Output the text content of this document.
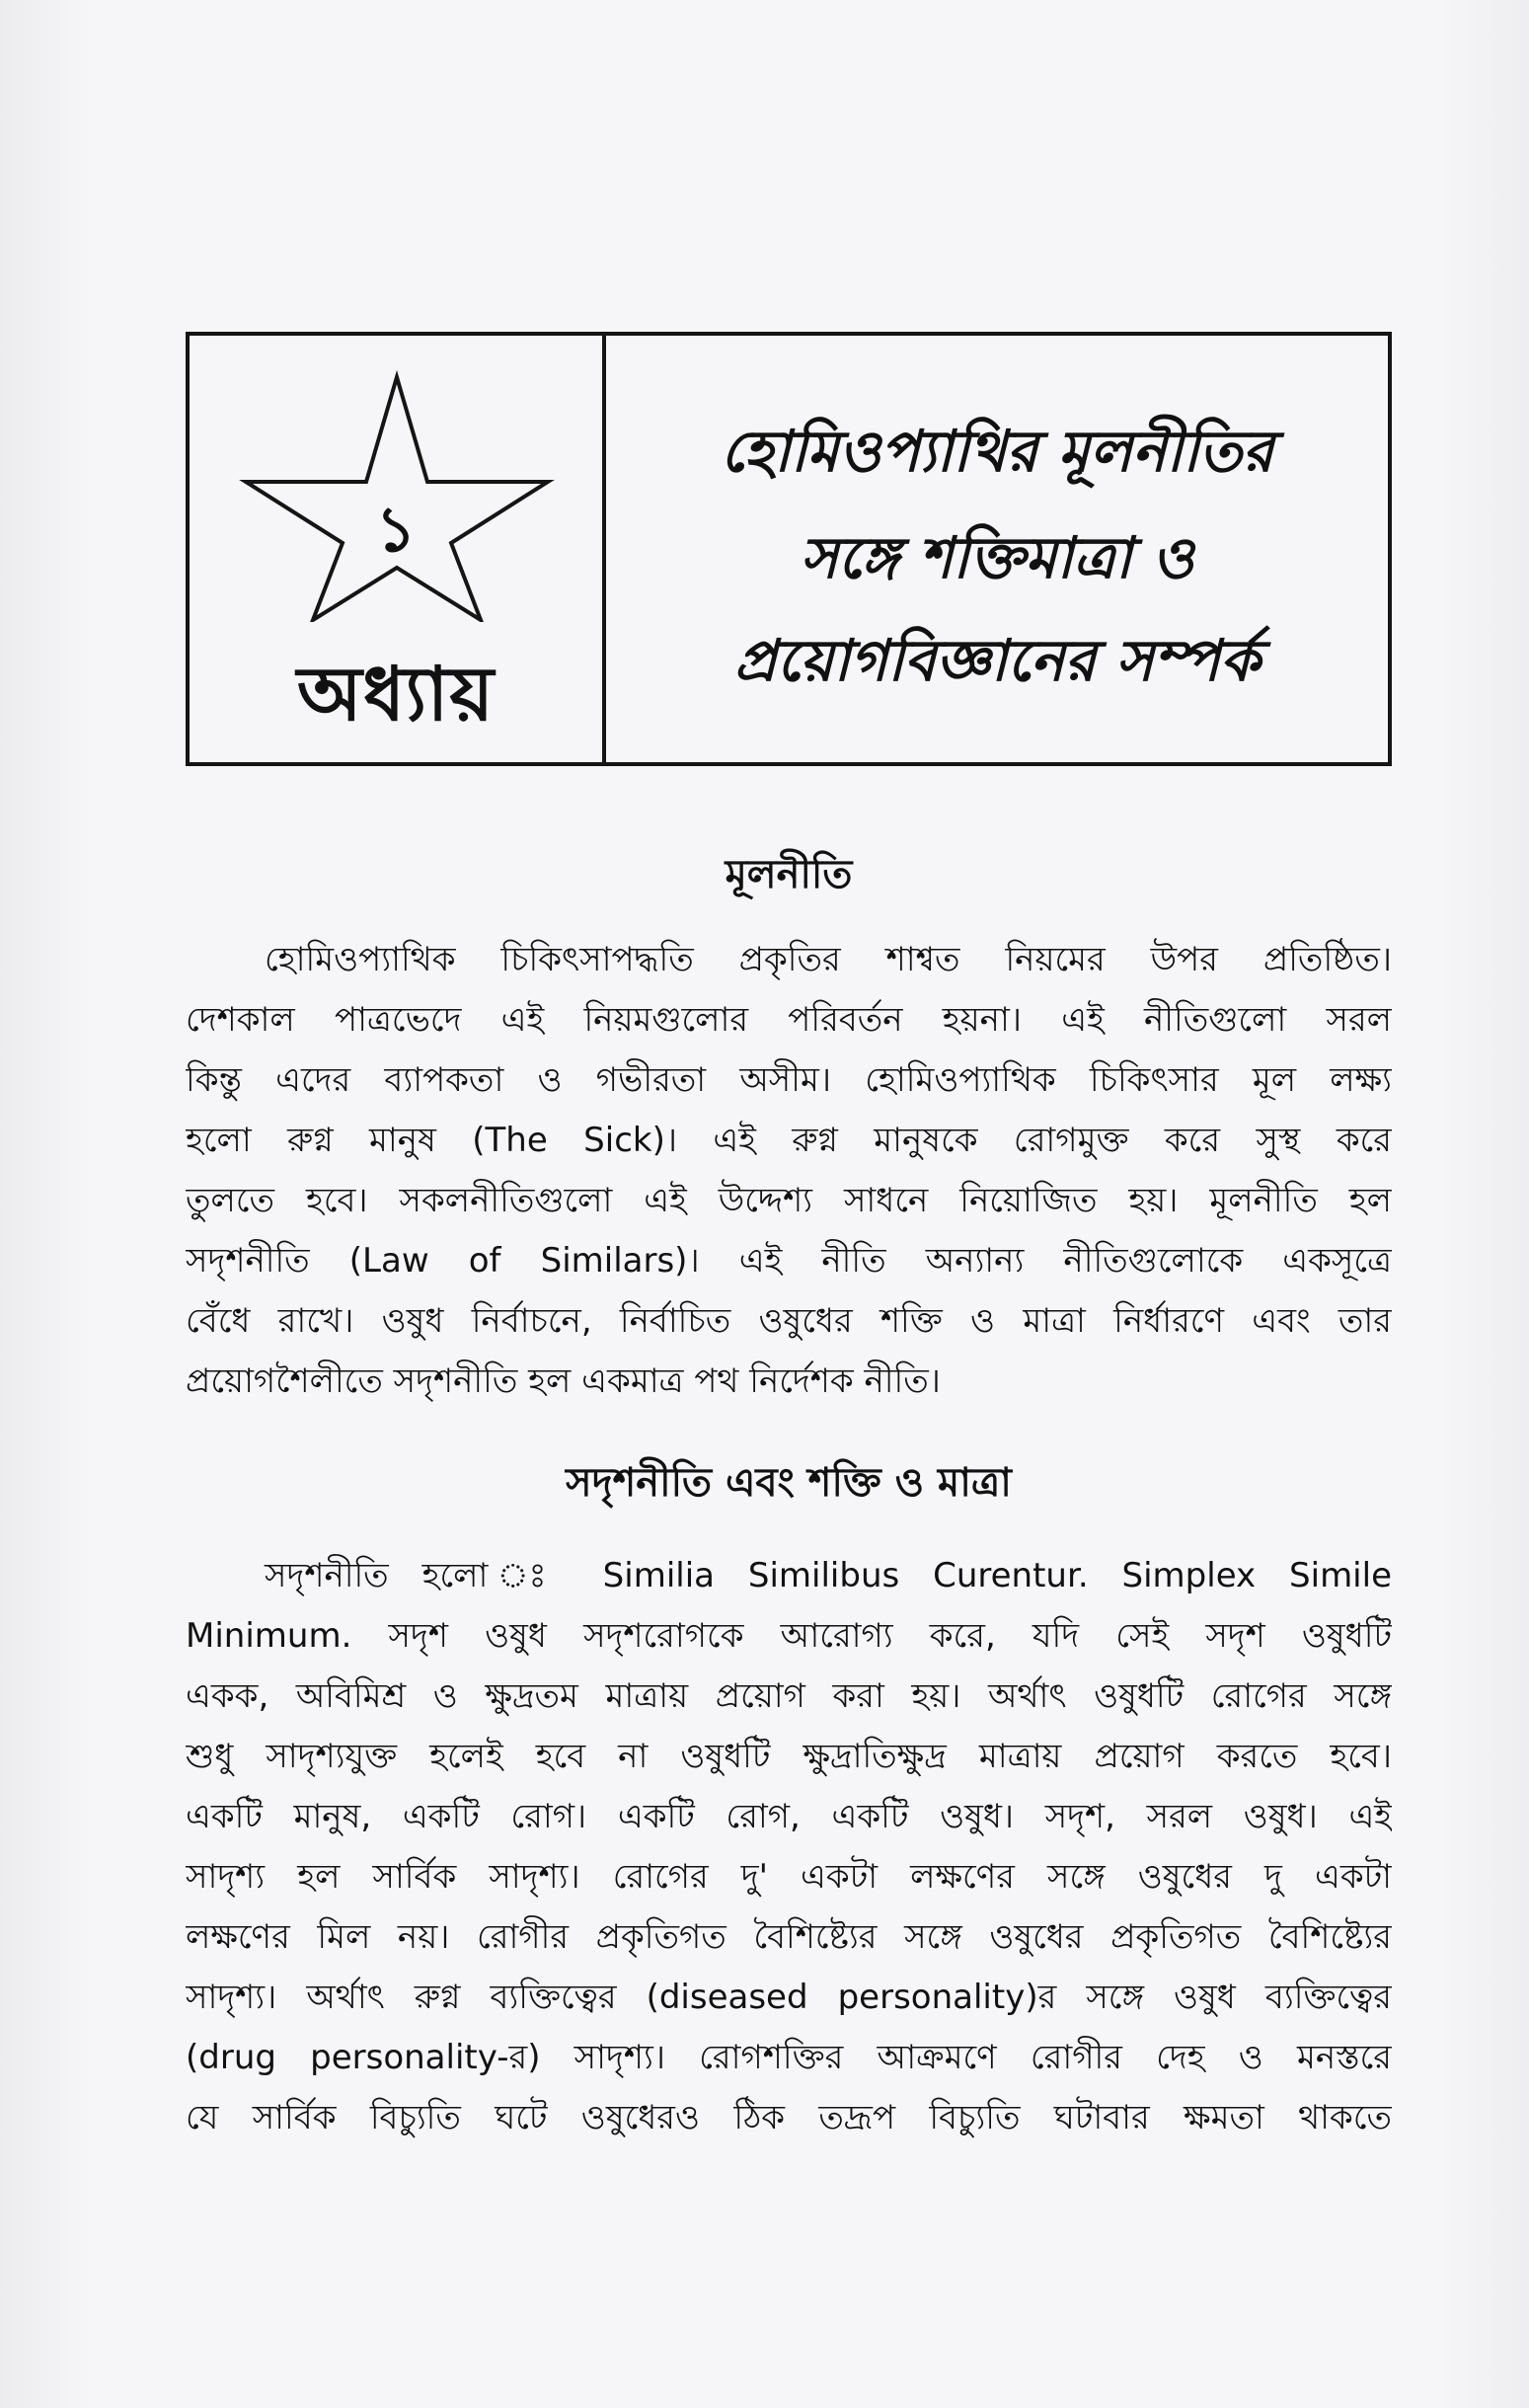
১
অধ্যায়
হোমিওপ্যাথির মূলনীতির
সঙ্গে শক্তিমাত্রা ও
প্রয়োগবিজ্ঞানের সম্পর্ক
মূলনীতি
হোমিওপ্যাথিক চিকিৎসাপদ্ধতি প্রকৃতির শাশ্বত নিয়মের উপর প্রতিষ্ঠিত।
দেশকাল পাত্রভেদে এই নিয়মগুলোর পরিবর্তন হয়না। এই নীতিগুলো সরল
কিন্তু এদের ব্যাপকতা ও গভীরতা অসীম। হোমিওপ্যাথিক চিকিৎসার মূল লক্ষ্য
হলো রুগ্ন মানুষ (The Sick)। এই রুগ্ন মানুষকে রোগমুক্ত করে সুস্থ করে
তুলতে হবে। সকলনীতিগুলো এই উদ্দেশ্য সাধনে নিয়োজিত হয়। মূলনীতি হল
সদৃশনীতি (Law of Similars)। এই নীতি অন্যান্য নীতিগুলোকে একসূত্রে
বেঁধে রাখে। ওষুধ নির্বাচনে, নির্বাচিত ওষুধের শক্তি ও মাত্রা নির্ধারণে এবং তার
প্রয়োগশৈলীতে সদৃশনীতি হল একমাত্র পথ নির্দেশক নীতি।
সদৃশনীতি এবং শক্তি ও মাত্রা
সদৃশনীতি হলো ঃ Similia Similibus Curentur. Simplex Simile
Minimum. সদৃশ ওষুধ সদৃশরোগকে আরোগ্য করে, যদি সেই সদৃশ ওষুধটি
একক, অবিমিশ্র ও ক্ষুদ্রতম মাত্রায় প্রয়োগ করা হয়। অর্থাৎ ওষুধটি রোগের সঙ্গে
শুধু সাদৃশ্যযুক্ত হলেই হবে না ওষুধটি ক্ষুদ্রাতিক্ষুদ্র মাত্রায় প্রয়োগ করতে হবে।
একটি মানুষ, একটি রোগ। একটি রোগ, একটি ওষুধ। সদৃশ, সরল ওষুধ। এই
সাদৃশ্য হল সার্বিক সাদৃশ্য। রোগের দু' একটা লক্ষণের সঙ্গে ওষুধের দু একটা
লক্ষণের মিল নয়। রোগীর প্রকৃতিগত বৈশিষ্ট্যের সঙ্গে ওষুধের প্রকৃতিগত বৈশিষ্ট্যের
সাদৃশ্য। অর্থাৎ রুগ্ন ব্যক্তিত্বের (diseased personality)র সঙ্গে ওষুধ ব্যক্তিত্বের
(drug personality-র) সাদৃশ্য। রোগশক্তির আক্রমণে রোগীর দেহ ও মনস্তরে
যে সার্বিক বিচ্যুতি ঘটে ওষুধেরও ঠিক তদ্রূপ বিচ্যুতি ঘটাবার ক্ষমতা থাকতে
